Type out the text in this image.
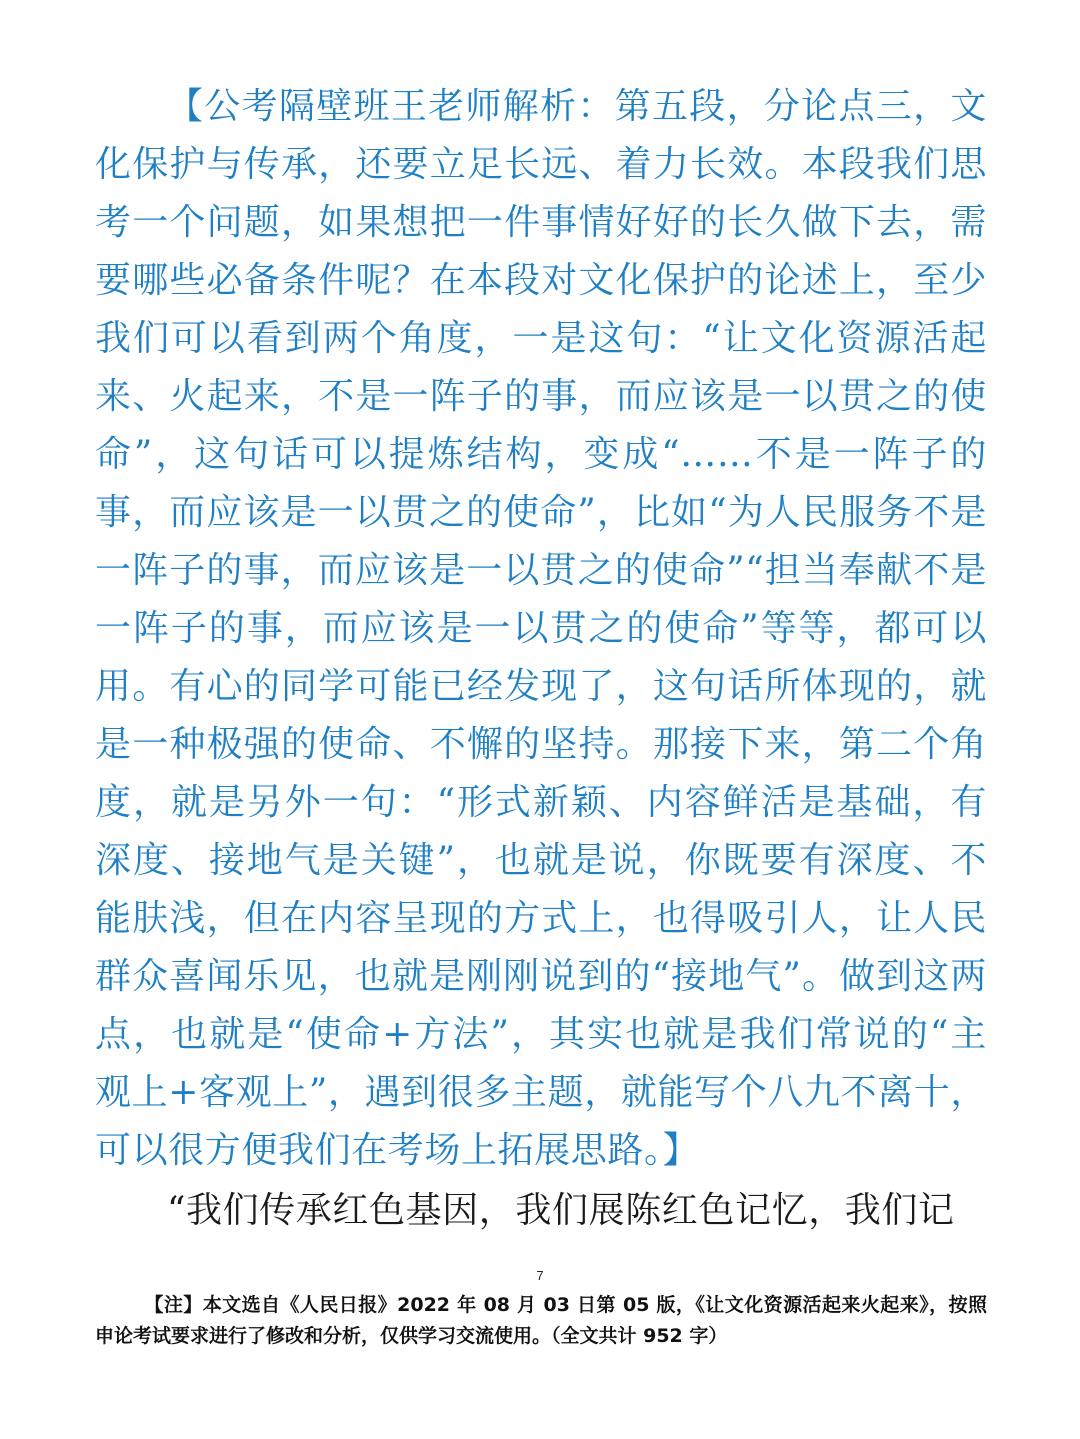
【公考隔壁班王老师解析：第五段，分论点三，文化保护与传承，还要立足长远、着力长效。本段我们思考一个问题，如果想把一件事情好好的长久做下去，需要哪些必备条件呢？在本段对文化保护的论述上，至少我们可以看到两个角度，一是这句：“让文化资源活起来、火起来，不是一阵子的事，而应该是一以贯之的使命”，这句话可以提炼结构，变成“……不是一阵子的事，而应该是一以贯之的使命”，比如“为人民服务不是一阵子的事，而应该是一以贯之的使命”“担当奉献不是一阵子的事，而应该是一以贯之的使命”等等，都可以用。有心的同学可能已经发现了，这句话所体现的，就是一种极强的使命、不懈的坚持。那接下来，第二个角度，就是另外一句：“形式新颖、内容鲜活是基础，有深度、接地气是关键”，也就是说，你既要有深度、不能肤浅，但在内容呈现的方式上，也得吸引人，让人民群众喜闻乐见，也就是刚刚说到的“接地气”。做到这两点，也就是“使命+方法”，其实也就是我们常说的“主观上+客观上”，遇到很多主题，就能写个八九不离十，可以很方便我们在考场上拓展思路。】

“我们传承红色基因，我们展陈红色记忆，我们记

7

【注】本文选自《人民日报》2022 年 08 月 03 日第 05 版，《让文化资源活起来火起来》，按照申论考试要求进行了修改和分析，仅供学习交流使用。（全文共计 952 字）
